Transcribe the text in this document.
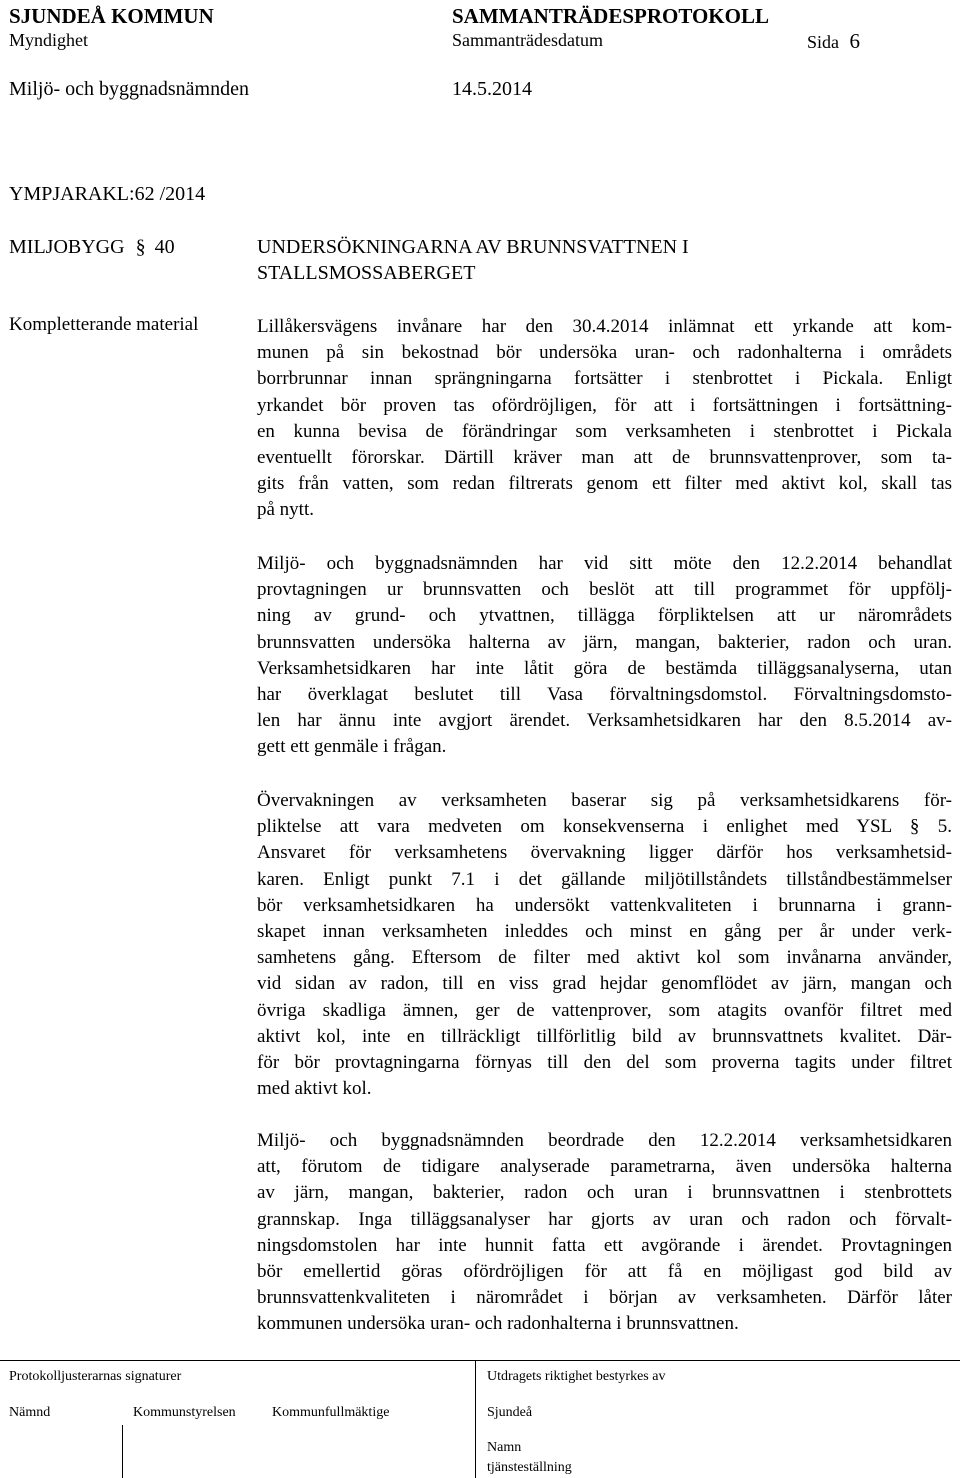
SJUNDEÅ KOMMUN	SAMMANTRÄDESPROTOKOLL
Myndighet	Sammanträdesdatum	Sida 6
Miljö- och byggnadsnämnden	14.5.2014
YMPJARAKL:62 /2014
MILJOBYGG § 40	UNDERSÖKNINGARNA AV BRUNNSVATTNEN I
STALLSMOSSABERGET
Kompletterande material	Lillåkersvägens invånare har den 30.4.2014 inlämnat ett yrkande att kom-
munen på sin bekostnad bör undersöka uran- och radonhalterna i områdets
borrbrunnar innan sprängningarna fortsätter i stenbrottet i Pickala. Enligt
yrkandet bör proven tas ofördröjligen, för att i fortsättningen i fortsättning-
en kunna bevisa de förändringar som verksamheten i stenbrottet i Pickala
eventuellt förorskar. Därtill kräver man att de brunnsvattenprover, som ta-
gits från vatten, som redan filtrerats genom ett filter med aktivt kol, skall tas
på nytt.
Miljö- och byggnadsnämnden har vid sitt möte den 12.2.2014 behandlat
provtagningen ur brunnsvatten och beslöt att till programmet för uppfölj-
ning av grund- och ytvattnen, tillägga förpliktelsen att ur närområdets
brunnsvatten undersöka halterna av järn, mangan, bakterier, radon och uran.
Verksamhetsidkaren har inte låtit göra de bestämda tilläggsanalyserna, utan
har överklagat beslutet till Vasa förvaltningsdomstol. Förvaltningsdomsto-
len har ännu inte avgjort ärendet. Verksamhetsidkaren har den 8.5.2014 av-
gett ett genmäle i frågan.
Övervakningen av verksamheten baserar sig på verksamhetsidkarens för-
pliktelse att vara medveten om konsekvenserna i enlighet med YSL § 5.
Ansvaret för verksamhetens övervakning ligger därför hos verksamhetsid-
karen. Enligt punkt 7.1 i det gällande miljötillståndets tillståndbestämmelser
bör verksamhetsidkaren ha undersökt vattenkvaliteten i brunnarna i grann-
skapet innan verksamheten inleddes och minst en gång per år under verk-
samhetens gång. Eftersom de filter med aktivt kol som invånarna använder,
vid sidan av radon, till en viss grad hejdar genomflödet av järn, mangan och
övriga skadliga ämnen, ger de vattenprover, som atagits ovanför filtret med
aktivt kol, inte en tillräckligt tillförlitlig bild av brunnsvattnets kvalitet. Där-
för bör provtagningarna förnyas till den del som proverna tagits under filtret
med aktivt kol.
Miljö- och byggnadsnämnden beordrade den 12.2.2014 verksamhetsidkaren
att, förutom de tidigare analyserade parametrarna, även undersöka halterna
av järn, mangan, bakterier, radon och uran i brunnsvattnen i stenbrottets
grannskap. Inga tilläggsanalyser har gjorts av uran och radon och förvalt-
ningsdomstolen har inte hunnit fatta ett avgörande i ärendet. Provtagningen
bör emellertid göras ofördröjligen för att få en möjligast god bild av
brunnsvattenkvaliteten i närområdet i början av verksamheten. Därför låter
kommunen undersöka uran- och radonhalterna i brunnsvattnen.
Protokolljusterarnas signaturer	Utdragets riktighet bestyrkes av
Nämnd	Kommunstyrelsen	Kommunfullmäktige	Sjundeå
Namn
tjänsteställning
